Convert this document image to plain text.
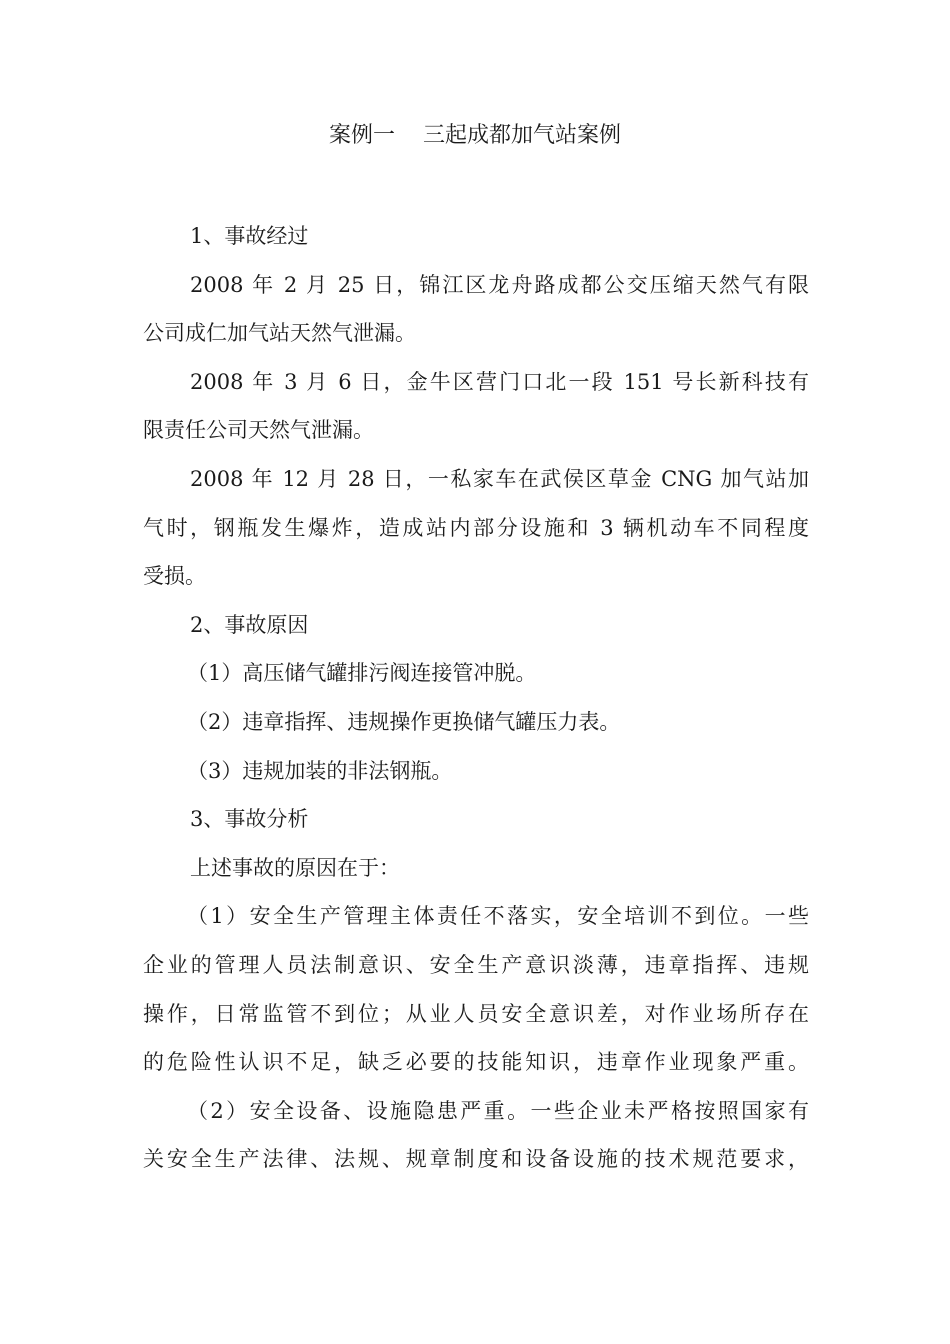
案例一    三起成都加气站案例
1、事故经过
2008 年 2 月 25 日，锦江区龙舟路成都公交压缩天然气有限
公司成仁加气站天然气泄漏。
2008 年 3 月 6 日，金牛区营门口北一段 151 号长新科技有
限责任公司天然气泄漏。
2008 年 12 月 28 日，一私家车在武侯区草金 CNG 加气站加
气时，钢瓶发生爆炸，造成站内部分设施和 3 辆机动车不同程度
受损。
2、事故原因
（1）高压储气罐排污阀连接管冲脱。
（2）违章指挥、违规操作更换储气罐压力表。
（3）违规加装的非法钢瓶。
3、事故分析
上述事故的原因在于：
（1）安全生产管理主体责任不落实，安全培训不到位。一些
企业的管理人员法制意识、安全生产意识淡薄，违章指挥、违规
操作，日常监管不到位；从业人员安全意识差，对作业场所存在
的危险性认识不足，缺乏必要的技能知识，违章作业现象严重。
（2）安全设备、设施隐患严重。一些企业未严格按照国家有
关安全生产法律、法规、规章制度和设备设施的技术规范要求，
